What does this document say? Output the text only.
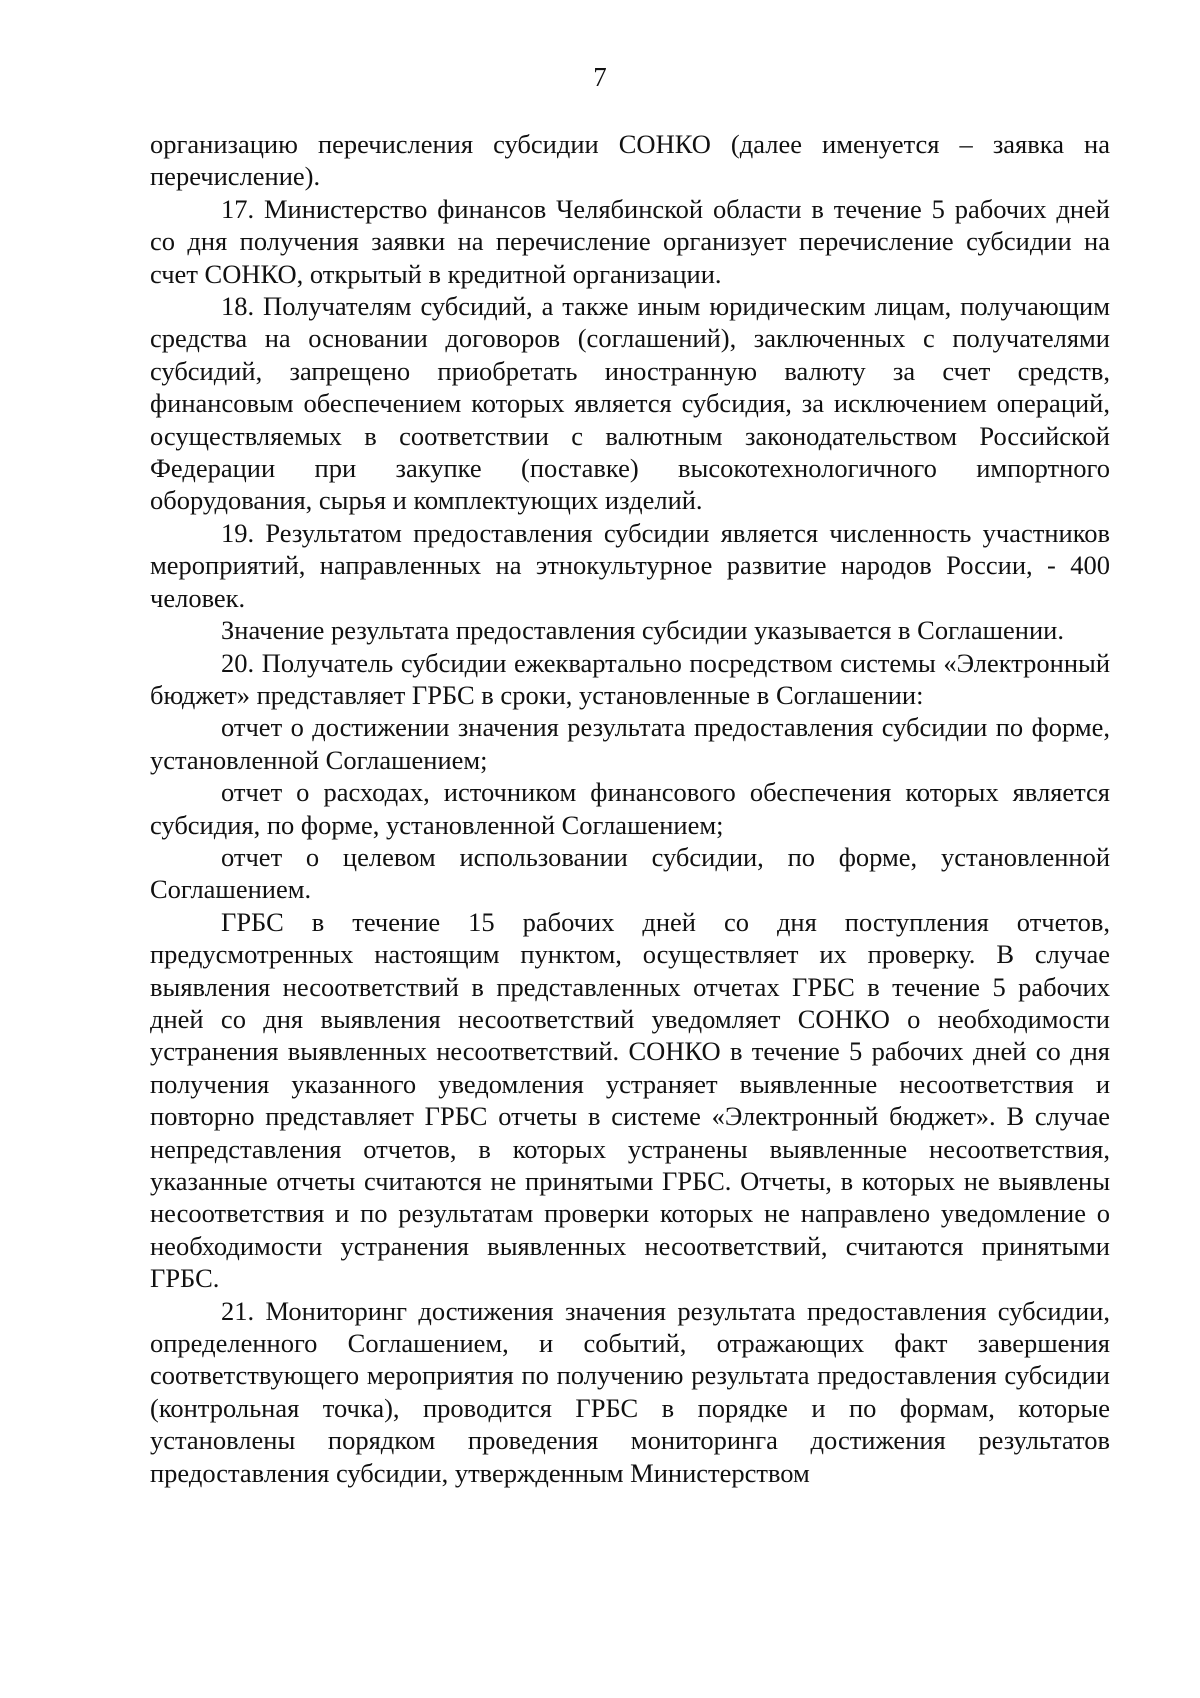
7

организацию перечисления субсидии СОНКО (далее именуется – заявка на перечисление).

17. Министерство финансов Челябинской области в течение 5 рабочих дней со дня получения заявки на перечисление организует перечисление субсидии на счет СОНКО, открытый в кредитной организации.

18. Получателям субсидий, а также иным юридическим лицам, получающим средства на основании договоров (соглашений), заключенных с получателями субсидий, запрещено приобретать иностранную валюту за счет средств, финансовым обеспечением которых является субсидия, за исключением операций, осуществляемых в соответствии с валютным законодательством Российской Федерации при закупке (поставке) высокотехнологичного импортного оборудования, сырья и комплектующих изделий.

19. Результатом предоставления субсидии является численность участников мероприятий, направленных на этнокультурное развитие народов России, - 400 человек.

Значение результата предоставления субсидии указывается в Соглашении.

20. Получатель субсидии ежеквартально посредством системы «Электронный бюджет» представляет ГРБС в сроки, установленные в Соглашении:

отчет о достижении значения результата предоставления субсидии по форме, установленной Соглашением;

отчет о расходах, источником финансового обеспечения которых является субсидия, по форме, установленной Соглашением;

отчет о целевом использовании субсидии, по форме, установленной Соглашением.

ГРБС в течение 15 рабочих дней со дня поступления отчетов, предусмотренных настоящим пунктом, осуществляет их проверку. В случае выявления несоответствий в представленных отчетах ГРБС в течение 5 рабочих дней со дня выявления несоответствий уведомляет СОНКО о необходимости устранения выявленных несоответствий. СОНКО в течение 5 рабочих дней со дня получения указанного уведомления устраняет выявленные несоответствия и повторно представляет ГРБС отчеты в системе «Электронный бюджет». В случае непредставления отчетов, в которых устранены выявленные несоответствия, указанные отчеты считаются не принятыми ГРБС. Отчеты, в которых не выявлены несоответствия и по результатам проверки которых не направлено уведомление о необходимости устранения выявленных несоответствий, считаются принятыми ГРБС.

21. Мониторинг достижения значения результата предоставления субсидии, определенного Соглашением, и событий, отражающих факт завершения соответствующего мероприятия по получению результата предоставления субсидии (контрольная точка), проводится ГРБС в порядке и по формам, которые установлены порядком проведения мониторинга достижения результатов предоставления субсидии, утвержденным Министерством
